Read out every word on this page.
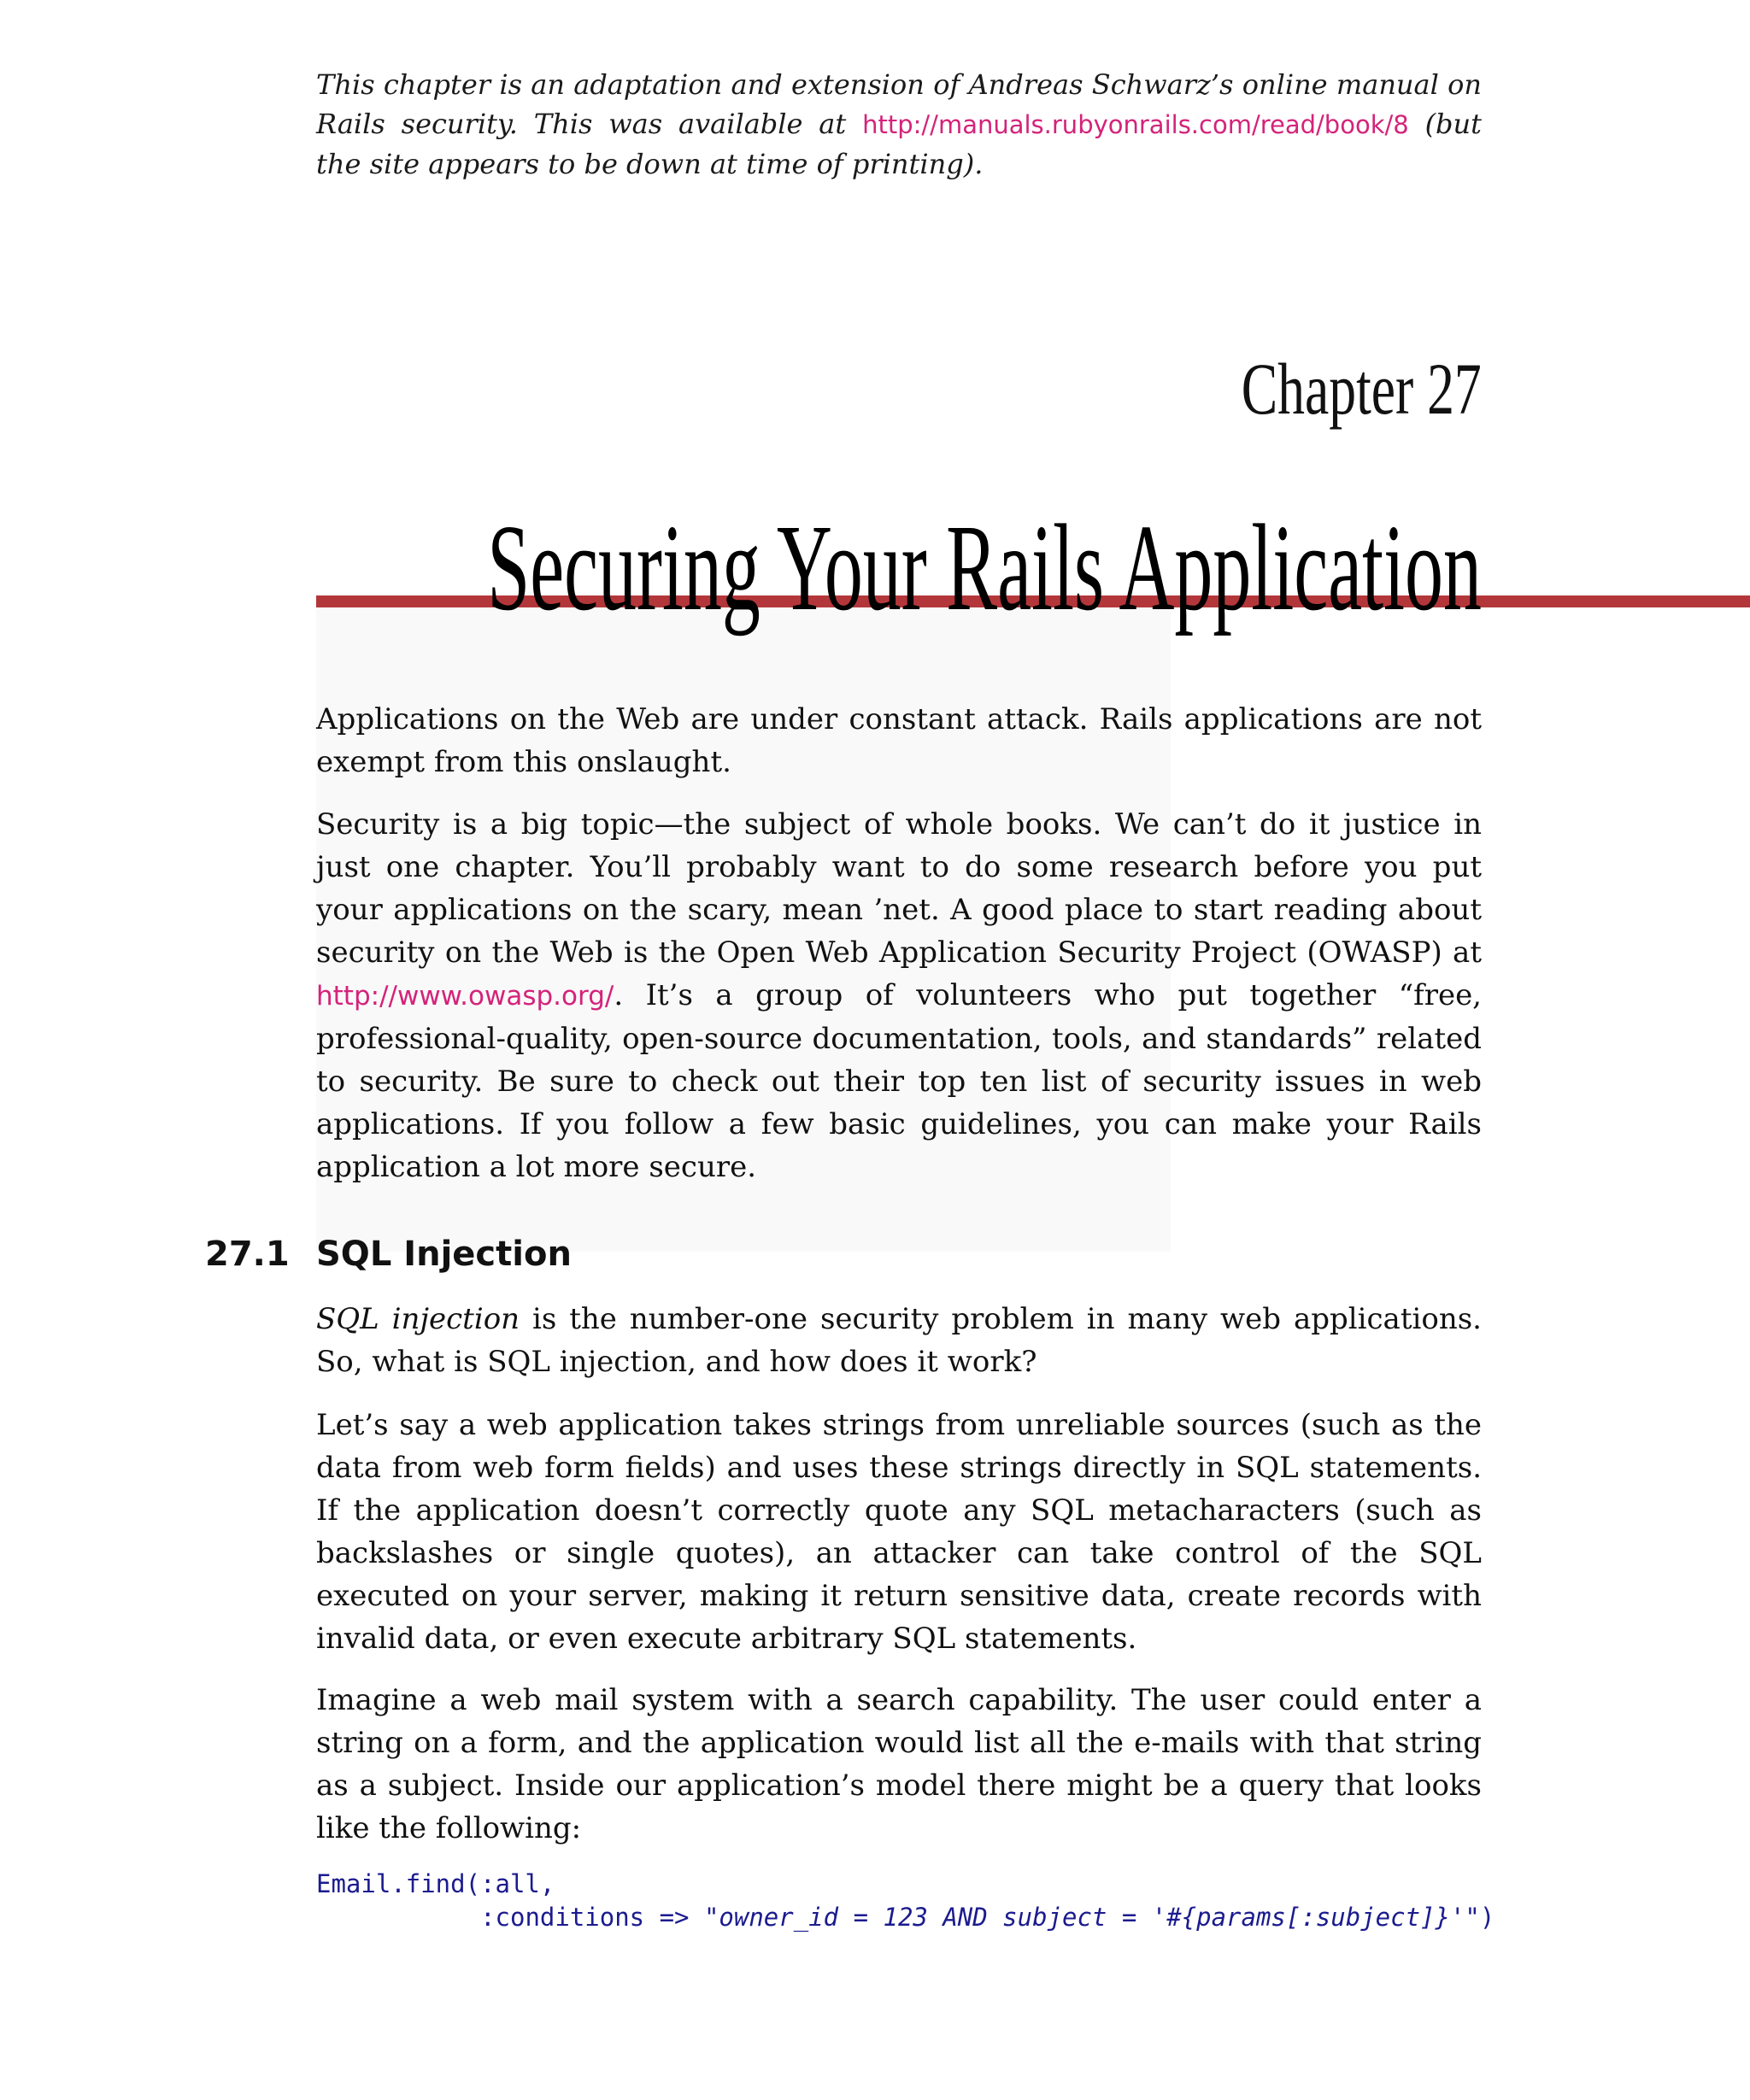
This chapter is an adaptation and extension of Andreas Schwarz’s online manual on Rails security. This was available at http://manuals.rubyonrails.com/read/book/8 (but the site appears to be down at time of printing).
Chapter 27
Securing Your Rails Application

Applications on the Web are under constant attack. Rails applications are not exempt from this onslaught.

Security is a big topic—the subject of whole books. We can’t do it justice in just one chapter. You’ll probably want to do some research before you put your applications on the scary, mean ’net. A good place to start reading about security on the Web is the Open Web Application Security Project (OWASP) at http://www.owasp.org/. It’s a group of volunteers who put together “free, professional-quality, open-source documentation, tools, and standards” related to security. Be sure to check out their top ten list of security issues in web applications. If you follow a few basic guidelines, you can make your Rails application a lot more secure.

27.1 SQL Injection

SQL injection is the number-one security problem in many web applications. So, what is SQL injection, and how does it work?

Let’s say a web application takes strings from unreliable sources (such as the data from web form fields) and uses these strings directly in SQL statements. If the application doesn’t correctly quote any SQL metacharacters (such as backslashes or single quotes), an attacker can take control of the SQL executed on your server, making it return sensitive data, create records with invalid data, or even execute arbitrary SQL statements.

Imagine a web mail system with a search capability. The user could enter a string on a form, and the application would list all the e-mails with that string as a subject. Inside our application’s model there might be a query that looks like the following:

Email.find(:all,
:conditions => "owner_id = 123 AND subject = '#{params[:subject]}'")
